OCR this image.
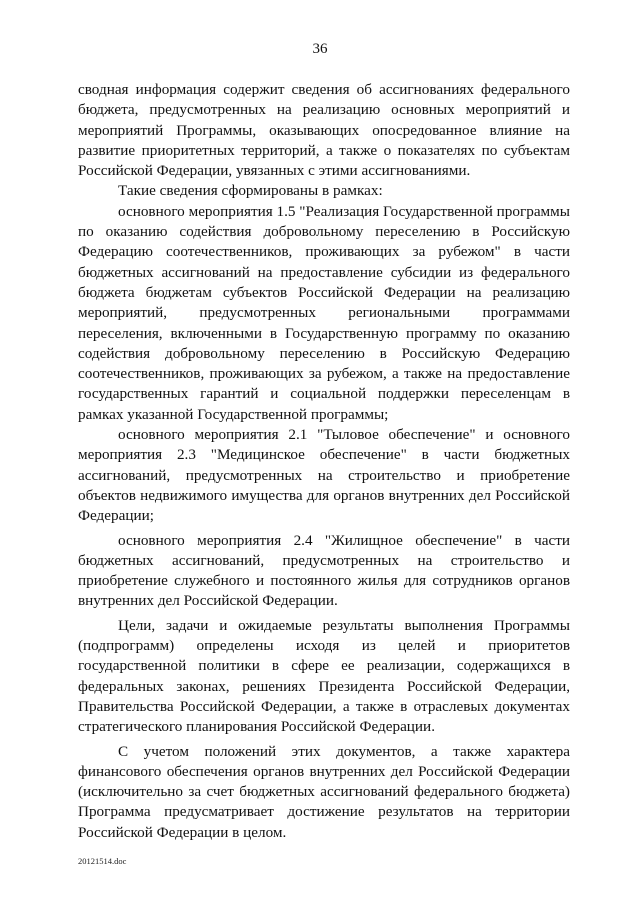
36

сводная информация содержит сведения об ассигнованиях федерального бюджета, предусмотренных на реализацию основных мероприятий и мероприятий Программы, оказывающих опосредованное влияние на развитие приоритетных территорий, а также о показателях по субъектам Российской Федерации, увязанных с этими ассигнованиями.

Такие сведения сформированы в рамках:

основного мероприятия 1.5 "Реализация Государственной программы по оказанию содействия добровольному переселению в Российскую Федерацию соотечественников, проживающих за рубежом" в части бюджетных ассигнований на предоставление субсидии из федерального бюджета бюджетам субъектов Российской Федерации на реализацию мероприятий, предусмотренных региональными программами переселения, включенными в Государственную программу по оказанию содействия добровольному переселению в Российскую Федерацию соотечественников, проживающих за рубежом, а также на предоставление государственных гарантий и социальной поддержки переселенцам в рамках указанной Государственной программы;

основного мероприятия 2.1 "Тыловое обеспечение" и основного мероприятия 2.3 "Медицинское обеспечение" в части бюджетных ассигнований, предусмотренных на строительство и приобретение объектов недвижимого имущества для органов внутренних дел Российской Федерации;

основного мероприятия 2.4 "Жилищное обеспечение" в части бюджетных ассигнований, предусмотренных на строительство и приобретение служебного и постоянного жилья для сотрудников органов внутренних дел Российской Федерации.

Цели, задачи и ожидаемые результаты выполнения Программы (подпрограмм) определены исходя из целей и приоритетов государственной политики в сфере ее реализации, содержащихся в федеральных законах, решениях Президента Российской Федерации, Правительства Российской Федерации, а также в отраслевых документах стратегического планирования Российской Федерации.

С учетом положений этих документов, а также характера финансового обеспечения органов внутренних дел Российской Федерации (исключительно за счет бюджетных ассигнований федерального бюджета) Программа предусматривает достижение результатов на территории Российской Федерации в целом.

20121514.doc
